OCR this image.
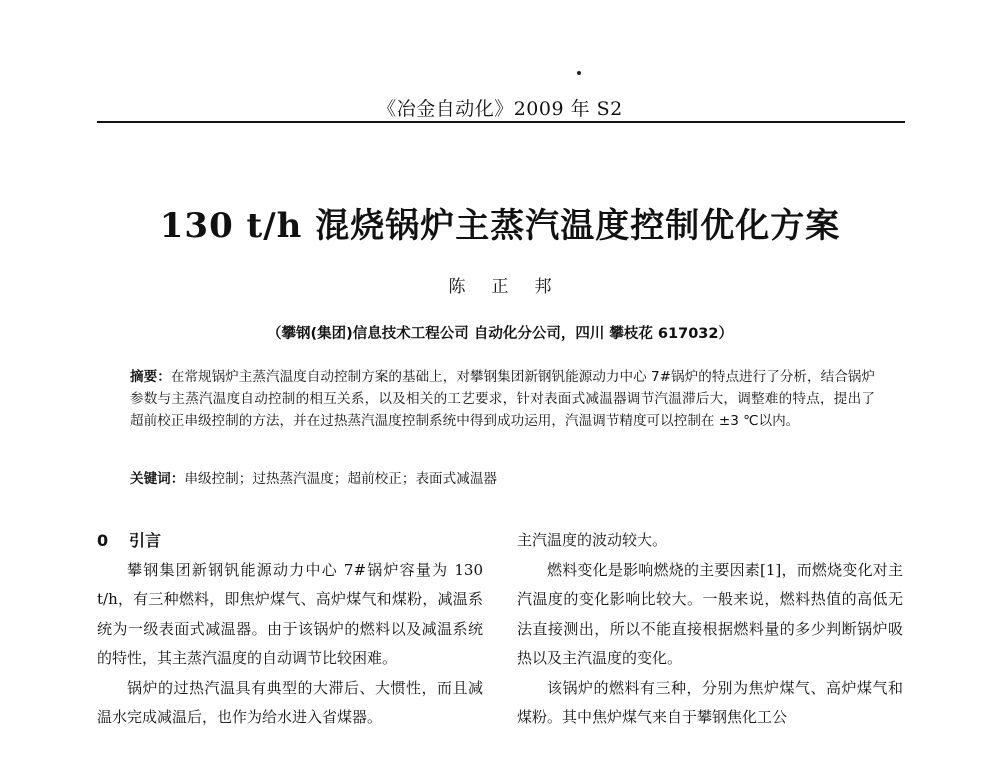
《冶金自动化》2009 年 S2
130 t/h 混烧锅炉主蒸汽温度控制优化方案
陈正邦
（攀钢(集团)信息技术工程公司 自动化分公司，四川 攀枝花 617032）
摘要：在常规锅炉主蒸汽温度自动控制方案的基础上，对攀钢集团新钢钒能源动力中心 7#锅炉的特点进行了分析，结合锅炉参数与主蒸汽温度自动控制的相互关系，以及相关的工艺要求，针对表面式减温器调节汽温滞后大，调整难的特点，提出了超前校正串级控制的方法，并在过热蒸汽温度控制系统中得到成功运用，汽温调节精度可以控制在 ±3 ℃以内。
关键词：串级控制；过热蒸汽温度；超前校正；表面式减温器
0 引言

攀钢集团新钢钒能源动力中心 7#锅炉容量为 130 t/h，有三种燃料，即焦炉煤气、高炉煤气和煤粉，减温系统为一级表面式减温器。由于该锅炉的燃料以及减温系统的特性，其主蒸汽温度的自动调节比较困难。

锅炉的过热汽温具有典型的大滞后、大惯性，而且减温水完成减温后，也作为给水进入省煤器。

主汽温度的波动较大。

燃料变化是影响燃烧的主要因素[1]，而燃烧变化对主汽温度的变化影响比较大。一般来说，燃料热值的高低无法直接测出，所以不能直接根据燃料量的多少判断锅炉吸热以及主汽温度的变化。

该锅炉的燃料有三种，分别为焦炉煤气、高炉煤气和煤粉。其中焦炉煤气来自于攀钢焦化工公
